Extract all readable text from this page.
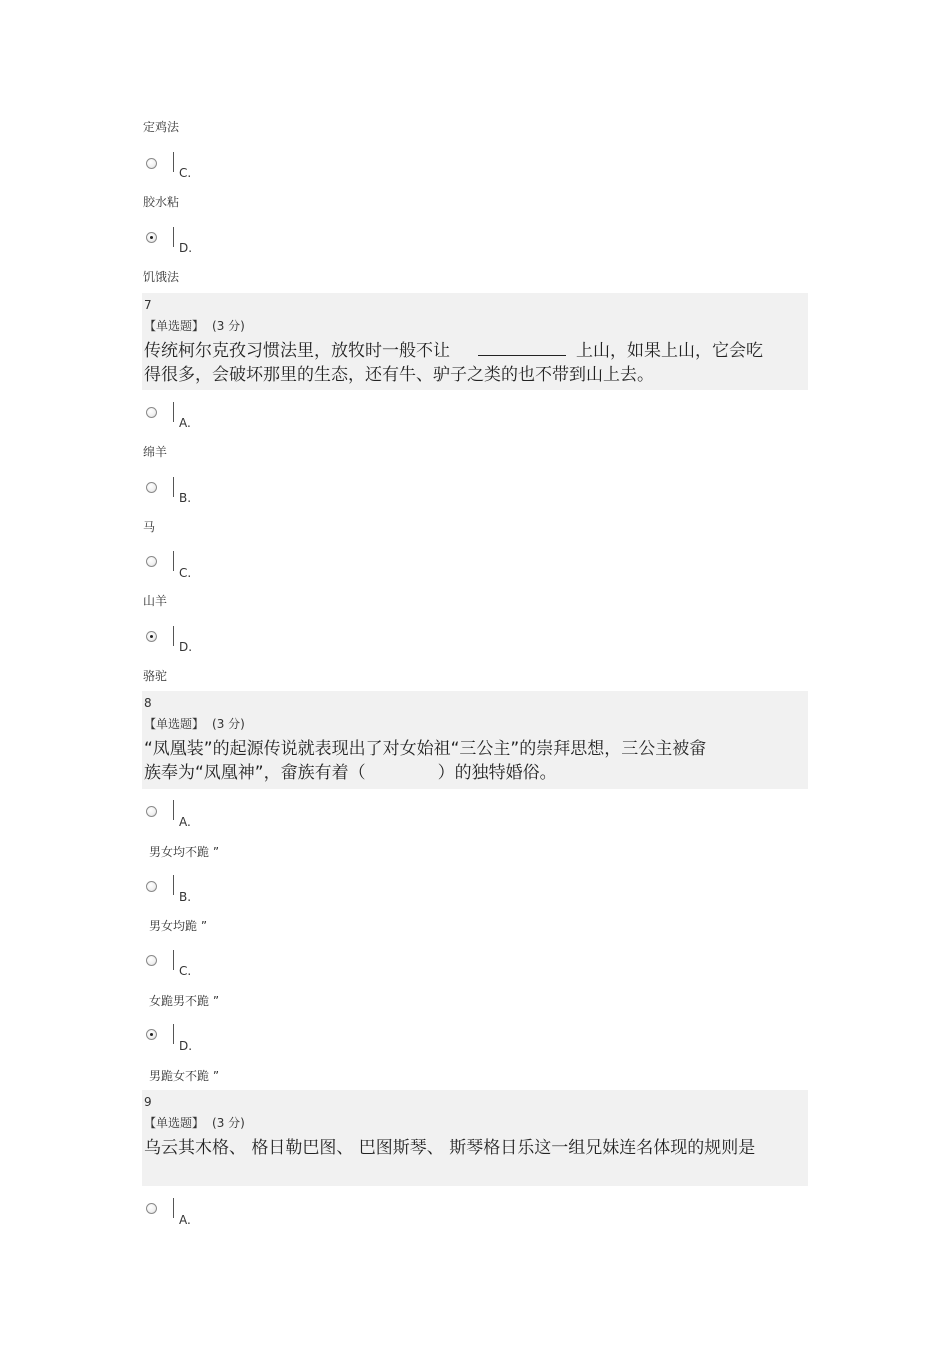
定鸡法
C.
胶水粘
D.
饥饿法
7
【单选题】 (3 分)
传统柯尔克孜习惯法里，放牧时一般不让	上山，如果上山，它会吃
得很多，会破坏那里的生态，还有牛、驴子之类的也不带到山上去。
A.
绵羊
B.
马
C.
山羊
D.
骆驼
8
【单选题】 (3 分)
“凤凰装”的起源传说就表现出了对女始祖“三公主”的崇拜思想，三公主被畲
族奉为“凤凰神”，畲族有着（	）的独特婚俗。
A.
男女均不跪 ”
B.
男女均跪 ”
C.
女跪男不跪 ”
D.
男跪女不跪 ”
9
【单选题】 (3 分)
乌云其木格、 格日勒巴图、 巴图斯琴、 斯琴格日乐这一组兄妹连名体现的规则是
A.
